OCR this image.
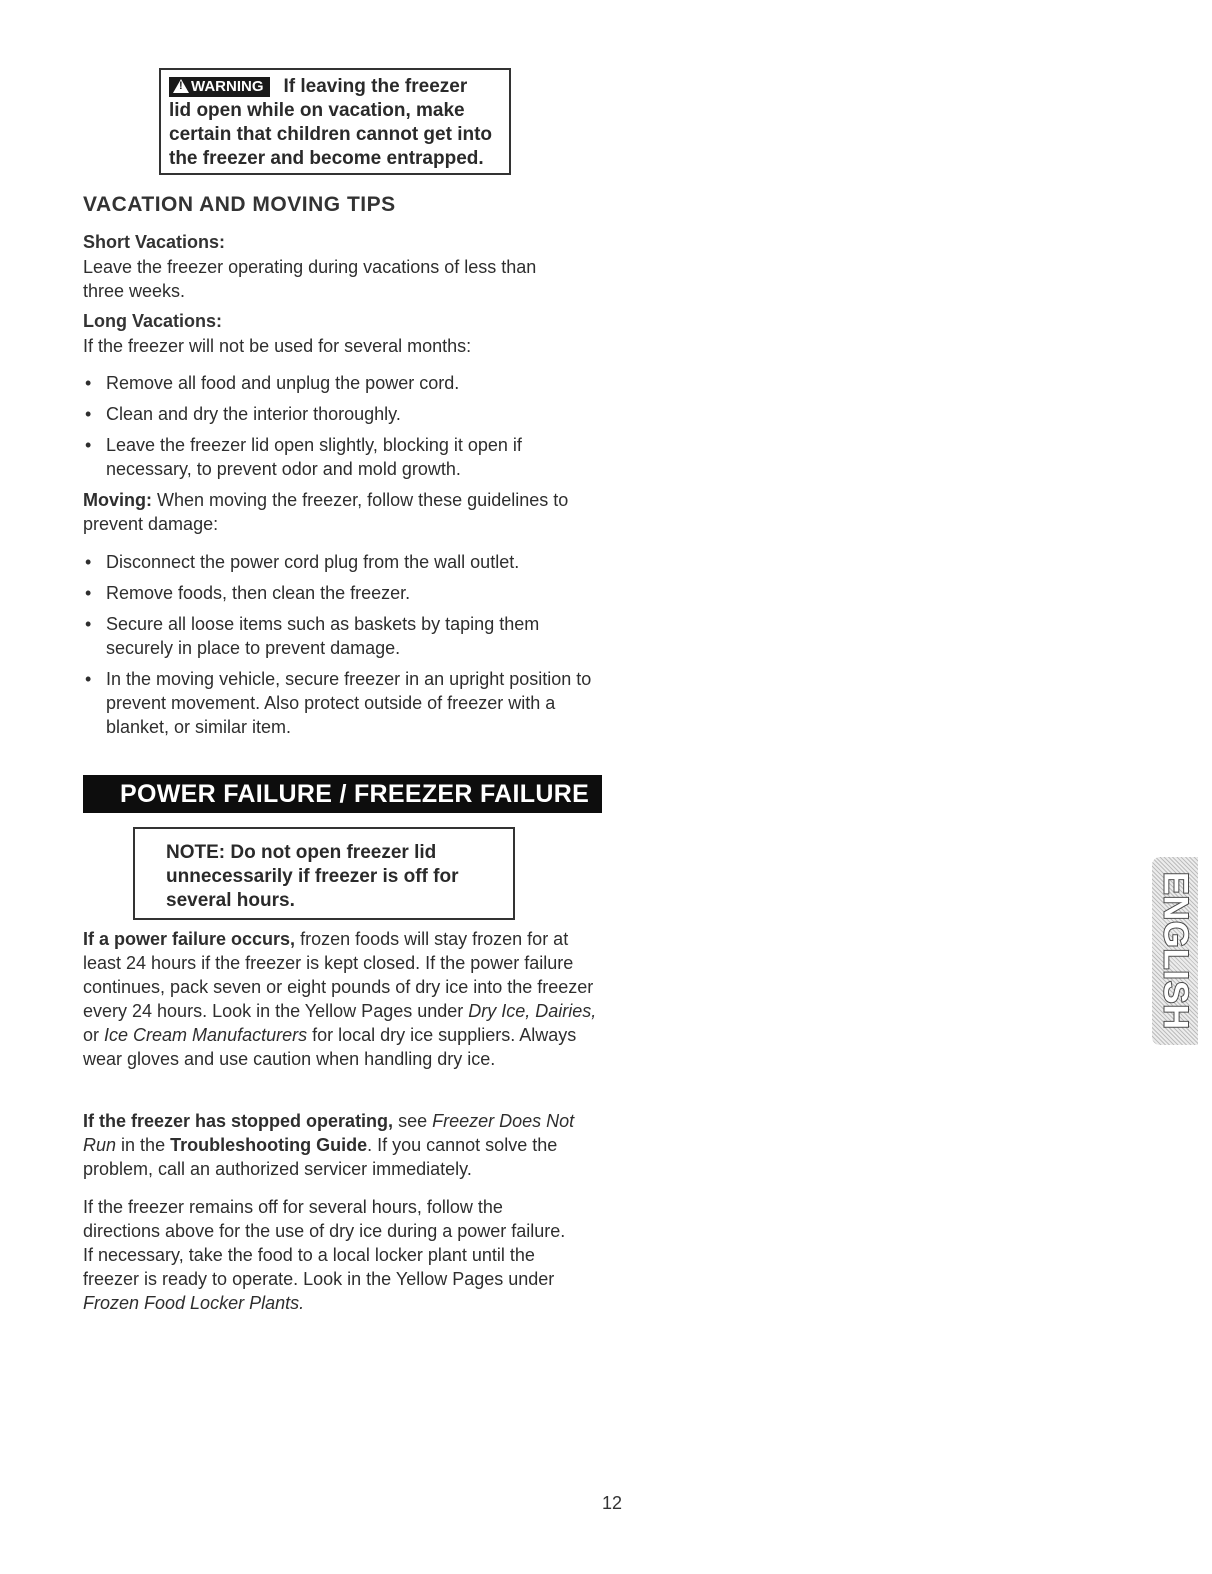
!WARNING If leaving the freezer
lid open while on vacation, make
certain that children cannot get into
the freezer and become entrapped.
VACATION AND MOVING TIPS
Short Vacations:
Leave the freezer operating during vacations of less than three weeks.
Long Vacations:
If the freezer will not be used for several months:
• Remove all food and unplug the power cord.
• Clean and dry the interior thoroughly.
• Leave the freezer lid open slightly, blocking it open if necessary, to prevent odor and mold growth.
Moving: When moving the freezer, follow these guidelines to prevent damage:
• Disconnect the power cord plug from the wall outlet.
• Remove foods, then clean the freezer.
• Secure all loose items such as baskets by taping them securely in place to prevent damage.
• In the moving vehicle, secure freezer in an upright position to prevent movement. Also protect outside of freezer with a blanket, or similar item.
POWER FAILURE / FREEZER FAILURE
NOTE: Do not open freezer lid
unnecessarily if freezer is off for
several hours.
If a power failure occurs, frozen foods will stay frozen for at least 24 hours if the freezer is kept closed. If the power failure continues, pack seven or eight pounds of dry ice into the freezer every 24 hours. Look in the Yellow Pages under Dry Ice, Dairies, or Ice Cream Manufacturers for local dry ice suppliers. Always wear gloves and use caution when handling dry ice.
If the freezer has stopped operating, see Freezer Does Not Run in the Troubleshooting Guide. If you cannot solve the problem, call an authorized servicer immediately.
If the freezer remains off for several hours, follow the directions above for the use of dry ice during a power failure. If necessary, take the food to a local locker plant until the freezer is ready to operate. Look in the Yellow Pages under Frozen Food Locker Plants.
ENGLISH
12
